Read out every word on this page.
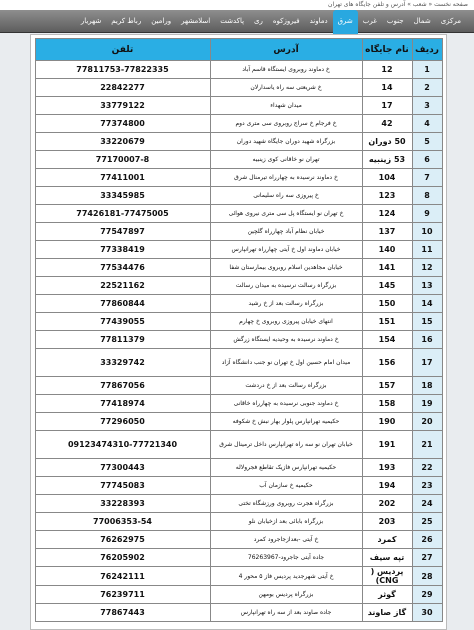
صفحه نخست « شعب » آدرس و تلفن جایگاه های تهران
مرکزی
شمال
جنوب
غرب
شرق
دماوند
فیروزکوه
ری
پاکدشت
اسلامشهر
ورامین
رباط کریم
شهریار
ردیف	نام جایگاه	آدرس	تلفن
1	12	خ دماوند روبروی ایستگاه قاسم آباد	77811753-77822335
2	14	خ شریعتی سه راه یاسدارلان	22842277
3	17	میدان شهداء	33779122
4	42	خ فرجام خ سراج روبروی سی متری دوم	77374800
5	50 دوران	بزرگراه شهید دوران جایگاه شهید دوران	33220679
6	53 زینبیه	تهران نو خاقانی کوی زینبیه	77170007-8
7	104	خ دماوند نرسیده به چهارراه تیرمنال شرق	77411001
8	123	خ پیروزی سه راه سلیمانی	33345985
9	124	خ تهران نو ایستگاه پل سی متری نیروی هوائی	77426181-77475005
10	137	خیابان نظام آباد چهارراه گلچین	77547897
11	140	خیابان دماوند اول خ آیتی چهارراه تهرانپارس	77338419
12	141	خیابان مجاهدین اسلام روبروی بیمارستان شفا	77534476
13	145	بزرگراه رسالت نرسیده به میدان رسالت	22521162
14	150	بزرگراه رسالت بعد از خ رشید	77860844
15	151	انتهای خیابان پیروزی روبروی خ چهارم	77439055
16	154	خ دماوند نرسیده به وحیدیه ایستگاه زرگش	77811379
17	156	میدان امام حسین اول خ تهران نو جنب دانشگاه آزاد	33329742
18	157	بزرگراه رسالت بعد از خ دردشت	77867056
19	158	خ دماوند جنوبی نرسیده به چهارراه خاقانی	77418974
20	190	حکیمیه تهرانپارس پلوار بهار نبش خ شکوفه	77296050
21	191	خیابان تهران نو سه راه تهرانپارس داخل ترمینال شرق	09123474310-77721340
22	193	حکیمیه تهرانپارس فازیک تقاطع فجرولاله	77300443
23	194	حکیمیه خ سازمان آب	77745083
24	202	بزرگراه هجرت روبروی ورزشگاه تختی	33228393
25	203	بزرگراه بابائی بعد ازخیابان نلو	77006353-54
26	کمرد	خ آیتی -بعدازجاجرود کمرد	76262975
27	تپه سیف	جاده آیتی جاجرود-76263967	76205902
28	پردیس ( CNG)	خ آیتی شهرجدید پردیس فاز ۵ محور 4	76242111
29	گوثر	بزرگراه پردیس بومهن	76239711
30	گاز صاوند	جاده صاوند بعد از سه راه تهرانپارس	77867443
